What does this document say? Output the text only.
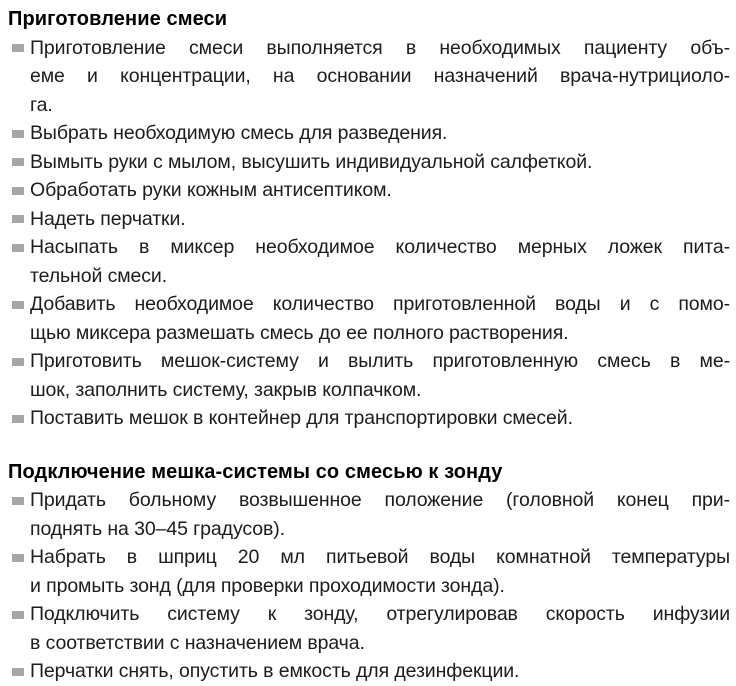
Приготовление смеси
Приготовление смеси выполняется в необходимых пациенту объ-
еме и концентрации, на основании назначений врача-нутрициоло-
га.
Выбрать необходимую смесь для разведения.
Вымыть руки с мылом, высушить индивидуальной салфеткой.
Обработать руки кожным антисептиком.
Надеть перчатки.
Насыпать в миксер необходимое количество мерных ложек пита-
тельной смеси.
Добавить необходимое количество приготовленной воды и с помо-
щью миксера размешать смесь до ее полного растворения.
Приготовить мешок-систему и вылить приготовленную смесь в ме-
шок, заполнить систему, закрыв колпачком.
Поставить мешок в контейнер для транспортировки смесей.
Подключение мешка-системы со смесью к зонду
Придать больному возвышенное положение (головной конец при-
поднять на 30–45 градусов).
Набрать в шприц 20 мл питьевой воды комнатной температуры
и промыть зонд (для проверки проходимости зонда).
Подключить систему к зонду, отрегулировав скорость инфузии
в соответствии с назначением врача.
Перчатки снять, опустить в емкость для дезинфекции.
